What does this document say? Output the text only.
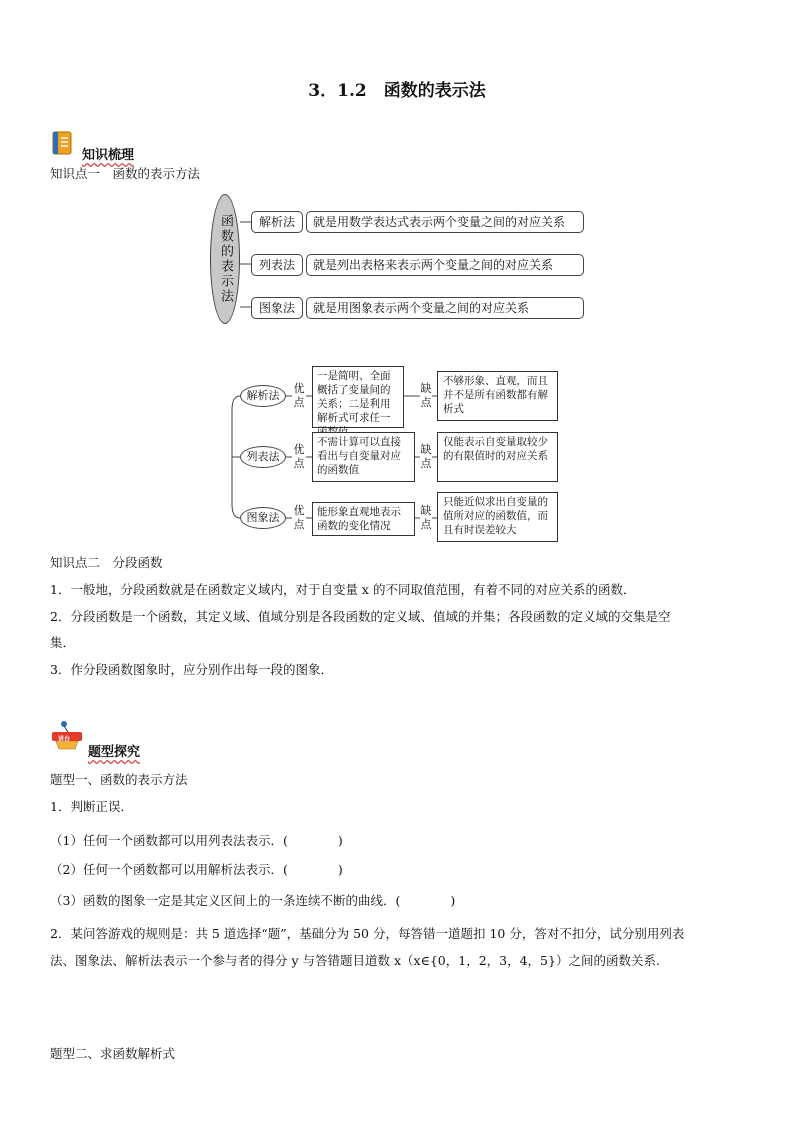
3．1.2　函数的表示法
知识梳理
知识点一　函数的表示方法
函数的表示法	解析法	就是用数学表达式表示两个变量之间的对应关系
列表法	就是列出表格来表示两个变量之间的对应关系
图象法	就是用图象表示两个变量之间的对应关系
解析法
优点
一是简明、全面概括了变量间的关系；二是利用解析式可求任一
缺点
不够形象、直观，而且并不是所有函数都有解析式
列表法
优点
不需计算可以直接看出与自变量对应的函数值
缺点
仅能表示自变量取较少的有限值时的对应关系
图象法
优点
能形象直观地表示函数的变化情况
缺点
只能近似求出自变量的值所对应的函数值，而且有时误差较大
知识点二　分段函数
1．一般地，分段函数就是在函数定义域内，对于自变量 x 的不同取值范围，有着不同的对应关系的函数．
2．分段函数是一个函数，其定义域、值域分别是各段函数的定义域、值域的并集；各段函数的定义域的交集是空
集．
3．作分段函数图象时，应分别作出每一段的图象．
讲台
题型探究
题型一、函数的表示方法
1．判断正误．
（1）任何一个函数都可以用列表法表示．(　　　　)
（2）任何一个函数都可以用解析法表示．(　　　　)
（3）函数的图象一定是其定义区间上的一条连续不断的曲线．(　　　　)
2．某问答游戏的规则是：共 5 道选择“题”，基础分为 50 分，每答错一道题扣 10 分，答对不扣分，试分别用列表
法、图象法、解析法表示一个参与者的得分 y 与答错题目道数 x（x∈{0，1，2，3，4，5}）之间的函数关系.
题型二、求函数解析式
